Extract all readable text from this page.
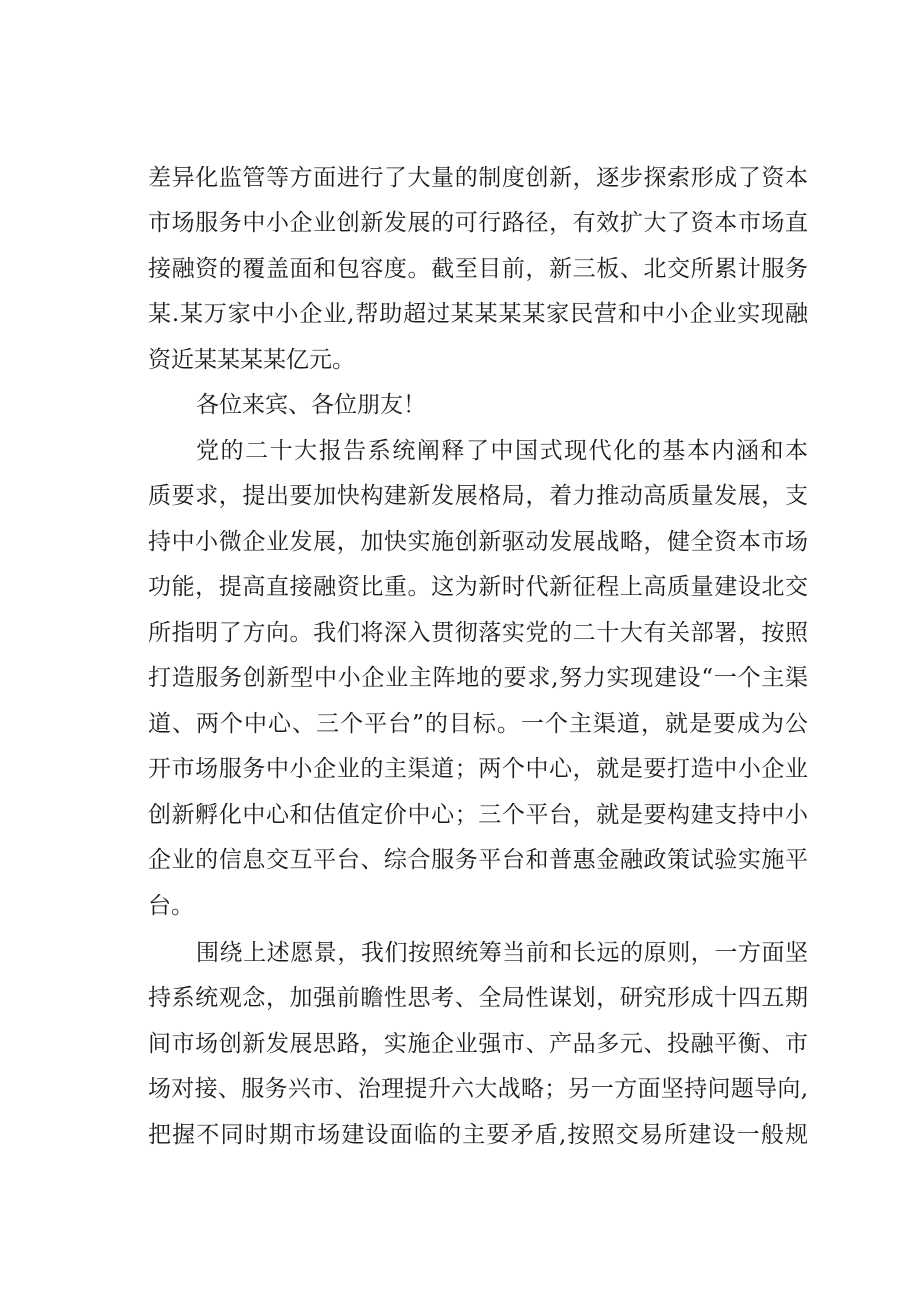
差异化监管等方面进行了大量的制度创新，逐步探索形成了资本
市场服务中小企业创新发展的可行路径，有效扩大了资本市场直
接融资的覆盖面和包容度。截至目前，新三板、北交所累计服务
某.某万家中小企业,帮助超过某某某某家民营和中小企业实现融
资近某某某某亿元。
各位来宾、各位朋友！
党的二十大报告系统阐释了中国式现代化的基本内涵和本
质要求，提出要加快构建新发展格局，着力推动高质量发展，支
持中小微企业发展，加快实施创新驱动发展战略，健全资本市场
功能，提高直接融资比重。这为新时代新征程上高质量建设北交
所指明了方向。我们将深入贯彻落实党的二十大有关部署，按照
打造服务创新型中小企业主阵地的要求,努力实现建设“一个主渠
道、两个中心、三个平台”的目标。一个主渠道，就是要成为公
开市场服务中小企业的主渠道；两个中心，就是要打造中小企业
创新孵化中心和估值定价中心；三个平台，就是要构建支持中小
企业的信息交互平台、综合服务平台和普惠金融政策试验实施平
台。
围绕上述愿景，我们按照统筹当前和长远的原则，一方面坚
持系统观念，加强前瞻性思考、全局性谋划，研究形成十四五期
间市场创新发展思路，实施企业强市、产品多元、投融平衡、市
场对接、服务兴市、治理提升六大战略；另一方面坚持问题导向,
把握不同时期市场建设面临的主要矛盾,按照交易所建设一般规
